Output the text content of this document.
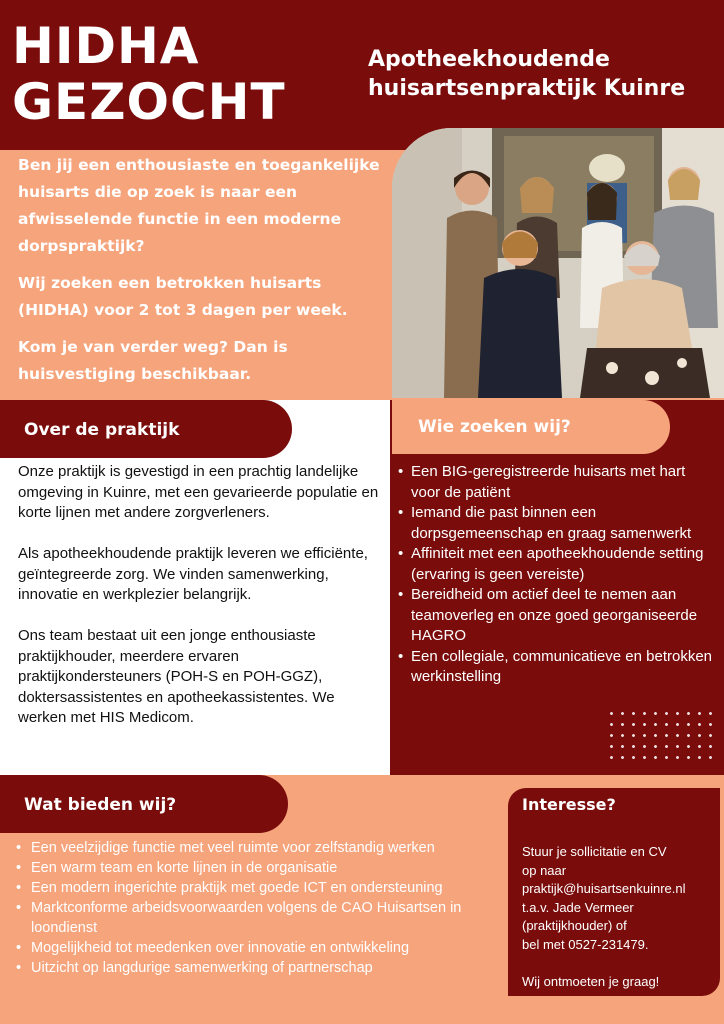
HIDHA
GEZOCHT
Apotheekhoudende
huisartsenpraktijk Kuinre

Ben jij een enthousiaste en toegankelijke huisarts die op zoek is naar een afwisselende functie in een moderne dorpspraktijk?

Wij zoeken een betrokken huisarts (HIDHA) voor 2 tot 3 dagen per week.

Kom je van verder weg? Dan is huisvestiging beschikbaar.

Over de praktijk

Onze praktijk is gevestigd in een prachtig landelijke omgeving in Kuinre, met een gevarieerde populatie en korte lijnen met andere zorgverleners.

Als apotheekhoudende praktijk leveren we efficiënte, geïntegreerde zorg. We vinden samenwerking, innovatie en werkplezier belangrijk.

Ons team bestaat uit een jonge enthousiaste praktijkhouder, meerdere ervaren praktijkondersteuners (POH-S en POH-GGZ), doktersassistentes en apotheekassistentes. We werken met HIS Medicom.

Wie zoeken wij?
• Een BIG-geregistreerde huisarts met hart voor de patiënt
• Iemand die past binnen een dorpsgemeenschap en graag samenwerkt
• Affiniteit met een apotheekhoudende setting (ervaring is geen vereiste)
• Bereidheid om actief deel te nemen aan teamoverleg en onze goed georganiseerde HAGRO
• Een collegiale, communicatieve en betrokken werkinstelling
Wat bieden wij?
• Een veelzijdige functie met veel ruimte voor zelfstandig werken
• Een warm team en korte lijnen in de organisatie
• Een modern ingerichte praktijk met goede ICT en ondersteuning
• Marktconforme arbeidsvoorwaarden volgens de CAO Huisartsen in loondienst
• Mogelijkheid tot meedenken over innovatie en ontwikkeling
• Uitzicht op langdurige samenwerking of partnerschap
Interesse?
Stuur je sollicitatie en CV
op naar
praktijk@huisartsenkuinre.nl
t.a.v. Jade Vermeer
(praktijkhouder) of
bel met 0527-231479.
Wij ontmoeten je graag!
